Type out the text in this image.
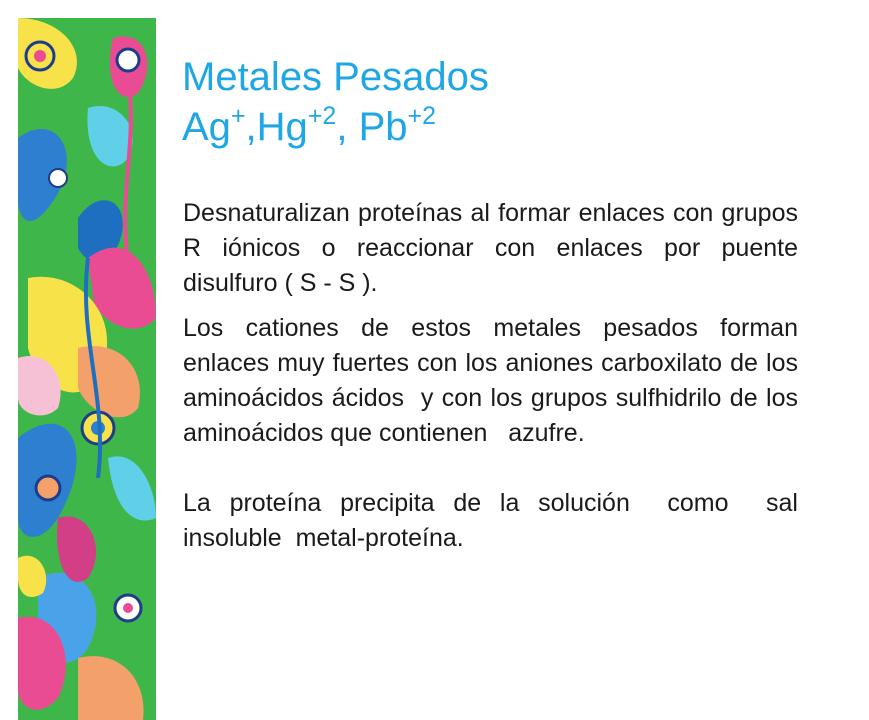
Metales Pesados
$Ag^+,Hg^{+2}$, $Pb^{+2}$

Desnaturalizan proteínas al formar enlaces con grupos R iónicos o reaccionar con enlaces por puente disulfuro ( S - S ).

Los cationes de estos metales pesados forman     enlaces muy fuertes con los aniones carboxilato de los aminoácidos ácidos  y con los grupos sulfhidrilo de los aminoácidos que contienen   azufre.

La proteína precipita de la solución  como  sal  insoluble  metal-proteína.
